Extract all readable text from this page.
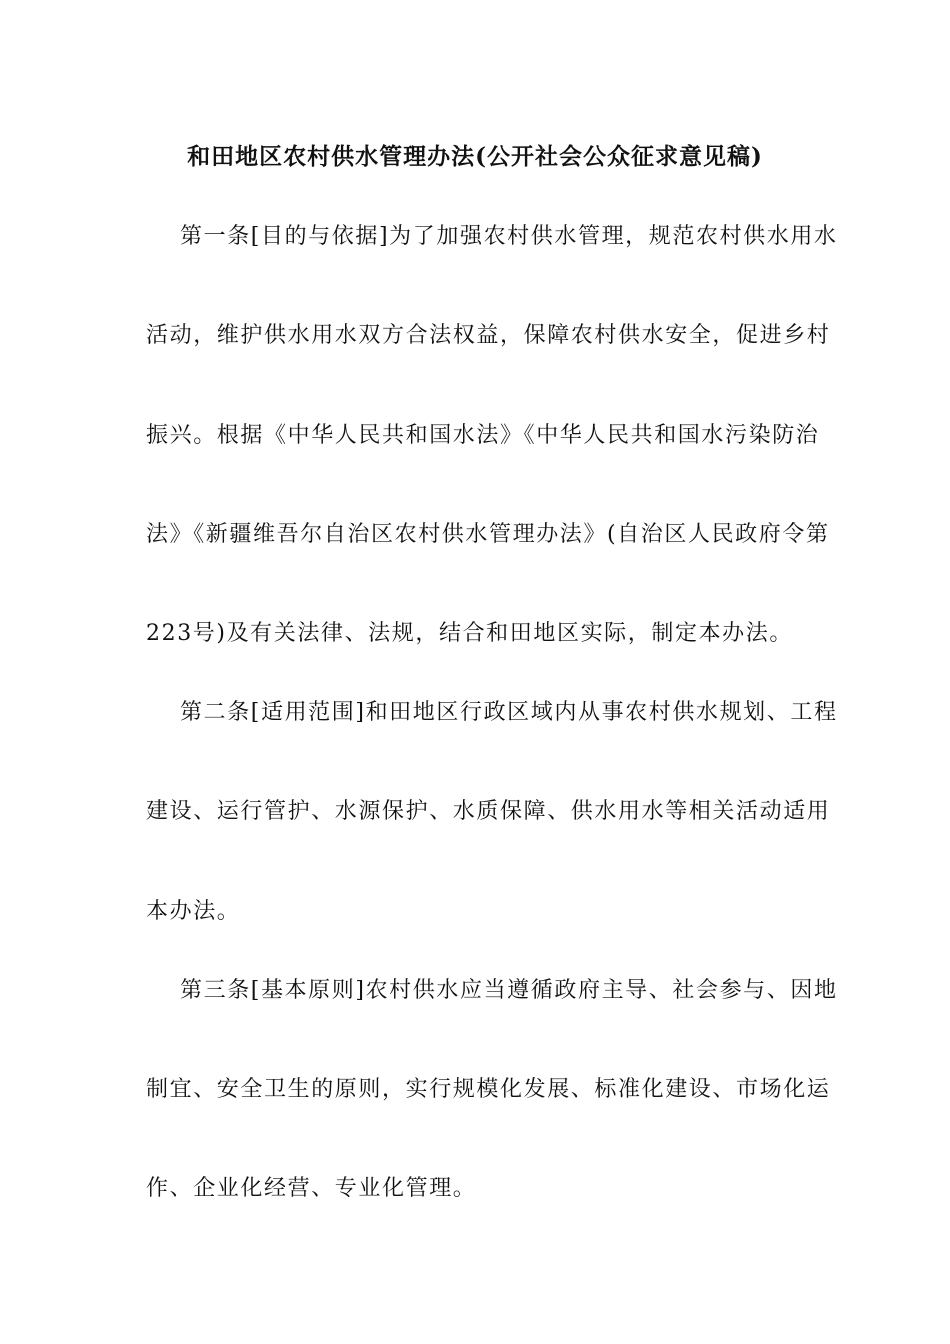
和田地区农村供水管理办法(公开社会公众征求意见稿)
第一条[目的与依据]为了加强农村供水管理，规范农村供水用水
活动，维护供水用水双方合法权益，保障农村供水安全，促进乡村
振兴。根据《中华人民共和国水法》《中华人民共和国水污染防治
法》《新疆维吾尔自治区农村供水管理办法》(自治区人民政府令第
223号)及有关法律、法规，结合和田地区实际，制定本办法。
第二条[适用范围]和田地区行政区域内从事农村供水规划、工程
建设、运行管护、水源保护、水质保障、供水用水等相关活动适用
本办法。
第三条[基本原则]农村供水应当遵循政府主导、社会参与、因地
制宜、安全卫生的原则，实行规模化发展、标准化建设、市场化运
作、企业化经营、专业化管理。
